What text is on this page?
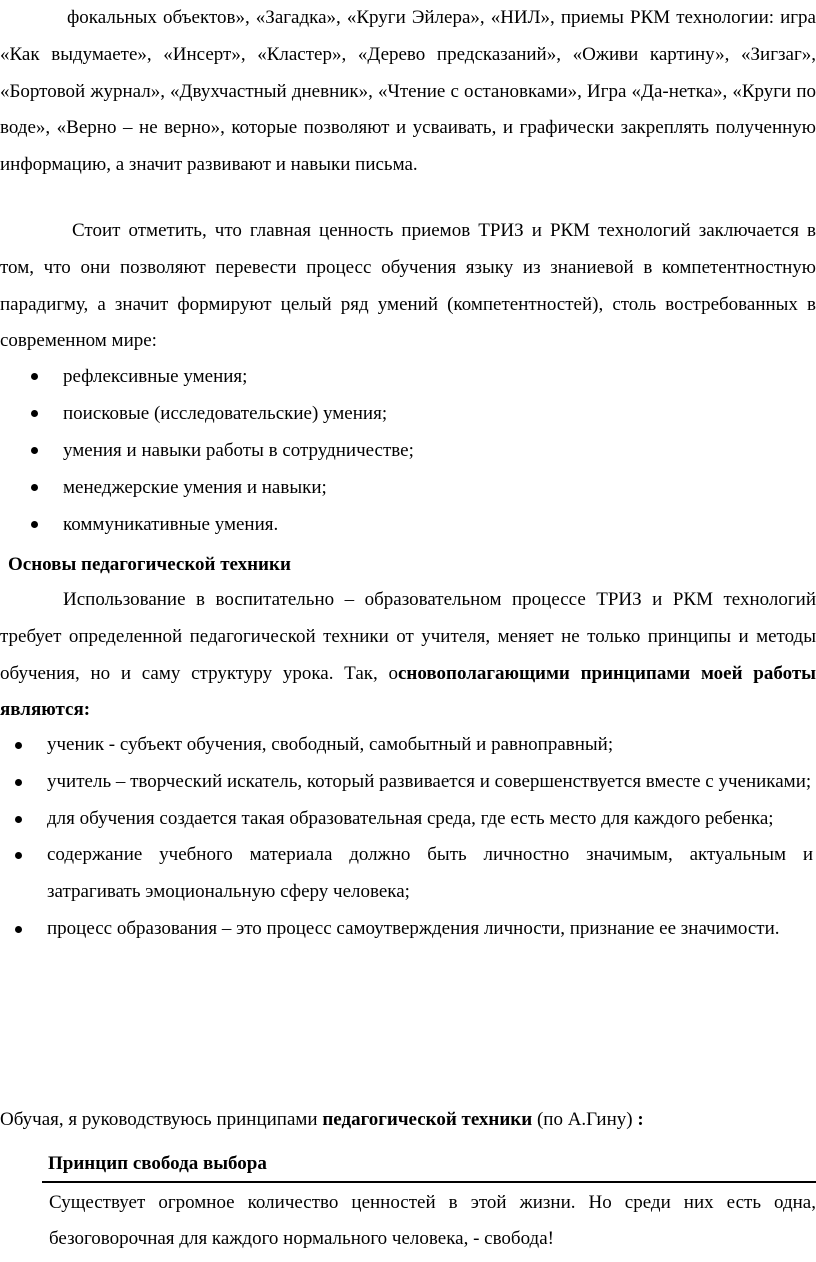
фокальных объектов», «Загадка», «Круги Эйлера», «НИЛ», приемы РКМ технологии: игра «Как выдумаете», «Инсерт», «Кластер», «Дерево предсказаний», «Оживи картину», «Зигзаг», «Бортовой журнал», «Двухчастный дневник», «Чтение с остановками», Игра «Да-нетка», «Круги по воде», «Верно – не верно», которые позволяют и усваивать, и графически закреплять полученную информацию, а значит развивают и навыки письма.

Стоит отметить, что главная ценность приемов ТРИЗ и РКМ технологий заключается в том, что они позволяют перевести процесс обучения языку из знаниевой в компетентностную парадигму, а значит формируют целый ряд умений (компетентностей), столь востребованных в современном мире:

рефлексивные умения;
поисковые (исследовательские) умения;
умения и навыки работы в сотрудничестве;
менеджерские умения и навыки;
коммуникативные умения.
Основы педагогической техники

Использование в воспитательно – образовательном процессе ТРИЗ и РКМ технологий требует определенной педагогической техники от учителя, меняет не только принципы и методы обучения, но и саму структуру урока. Так, основополагающими принципами моей работы являются:

ученик - субъект обучения, свободный, самобытный и равноправный;
учитель – творческий искатель, который развивается и совершенствуется вместе с учениками;
для обучения создается такая образовательная среда, где есть место для каждого ребенка;
содержание учебного материала должно быть личностно значимым, актуальным и затрагивать эмоциональную сферу человека;
процесс образования – это процесс самоутверждения личности, признание ее значимости.

Обучая, я руководствуюсь принципами педагогической техники (по А.Гину) :

Принцип свобода выбора

Существует огромное количество ценностей в этой жизни. Но среди них есть одна, безоговорочная для каждого нормального человека, - свобода!
